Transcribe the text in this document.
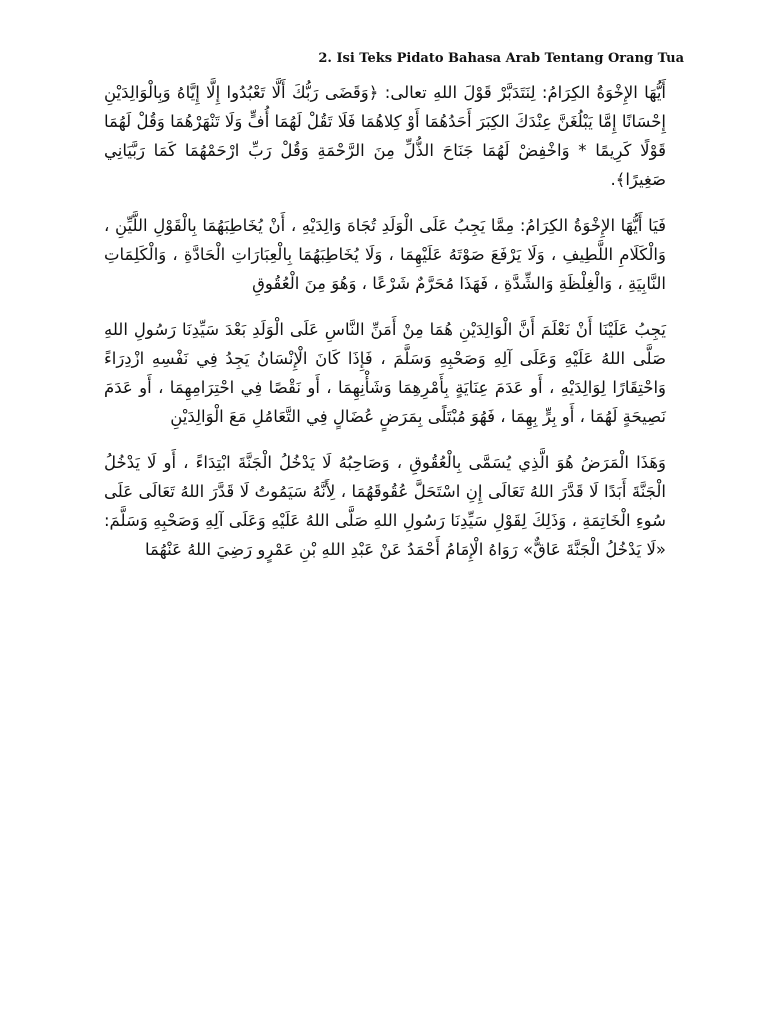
2. Isi Teks Pidato Bahasa Arab Tentang Orang Tua

أَيُّهَا الإِخْوَةُ الكِرَامُ: لِنَتَدَبَّرْ قَوْلَ اللهِ تعالى: ﴿وَقَضَى رَبُّكَ أَلَّا تَعْبُدُوا إِلَّا إِيَّاهُ وَبِالْوَالِدَيْنِ إِحْسَانًا إِمَّا يَبْلُغَنَّ عِنْدَكَ الكِبَرَ أَحَدُهُمَا أَوْ كِلاهُمَا فَلَا تَقُلْ لَهُمَا أُفٍّ وَلَا تَنْهَرْهُمَا وَقُلْ لَهُمَا قَوْلًا كَرِيمًا * وَاخْفِضْ لَهُمَا جَنَاحَ الذُّلِّ مِنَ الرَّحْمَةِ وَقُلْ رَبِّ ارْحَمْهُمَا كَمَا رَبَّيَانِي صَغِيرًا﴾.

فَيَا أَيُّهَا الإِخْوَةُ الكِرَامُ: مِمَّا يَجِبُ عَلَى الْوَلَدِ تُجَاهَ وَالِدَيْهِ ، أَنْ يُخَاطِبَهُمَا بِالْقَوْلِ اللَّيِّنِ ، وَالْكَلَامِ اللَّطِيفِ ، وَلَا يَرْفَعَ صَوْتَهُ عَلَيْهِمَا ، وَلَا يُخَاطِبَهُمَا بِالْعِبَارَاتِ الْحَادَّةِ ، وَالْكَلِمَاتِ النَّابِيَةِ ، وَالْغِلْظَةِ وَالشِّدَّةِ ، فَهَذَا مُحَرَّمٌ شَرْعًا ، وَهُوَ مِنَ الْعُقُوقِ

يَجِبُ عَلَيْنَا أَنْ نَعْلَمَ أَنَّ الْوَالِدَيْنِ هُمَا مِنْ أَمَنِّ النَّاسِ عَلَى الْوَلَدِ بَعْدَ سَيِّدِنَا رَسُولِ اللهِ صَلَّى اللهُ عَلَيْهِ وَعَلَى آلِهِ وَصَحْبِهِ وَسَلَّمَ ، فَإِذَا كَانَ الْإِنْسَانُ يَجِدُ فِي نَفْسِهِ ازْدِرَاءً وَاحْتِقَارًا لِوَالِدَيْهِ ، أَو عَدَمَ عِنَايَةٍ بِأَمْرِهِمَا وَشَأْنِهِمَا ، أَو نَقْصًا فِي احْتِرَامِهِمَا ، أَو عَدَمَ نَصِيحَةٍ لَهُمَا ، أَو بِرٍّ بِهِمَا ، فَهُوَ مُبْتَلًى بِمَرَضٍ عُضَالٍ فِي التَّعَامُلِ مَعَ الْوَالِدَيْنِ

وَهَذَا الْمَرَضُ هُوَ الَّذِي يُسَمَّى بِالْعُقُوقِ ، وَصَاحِبُهُ لَا يَدْخُلُ الْجَنَّةَ ابْتِدَاءً ، أَو لَا يَدْخُلُ الْجَنَّةَ أَبَدًا لَا قَدَّرَ اللهُ تَعَالَى إِنِ اسْتَحَلَّ عُقُوقَهُمَا ، لِأَنَّهُ سَيَمُوتُ لَا قَدَّرَ اللهُ تَعَالَى عَلَى سُوءِ الْخَاتِمَةِ ، وَذَلِكَ لِقَوْلِ سَيِّدِنَا رَسُولِ اللهِ صَلَّى اللهُ عَلَيْهِ وَعَلَى آلِهِ وَصَحْبِهِ وَسَلَّمَ: «لَا يَدْخُلُ الْجَنَّةَ عَاقٌّ» رَوَاهُ الْإِمَامُ أَحْمَدُ عَنْ عَبْدِ اللهِ بْنِ عَمْرٍو رَضِيَ اللهُ عَنْهُمَا
